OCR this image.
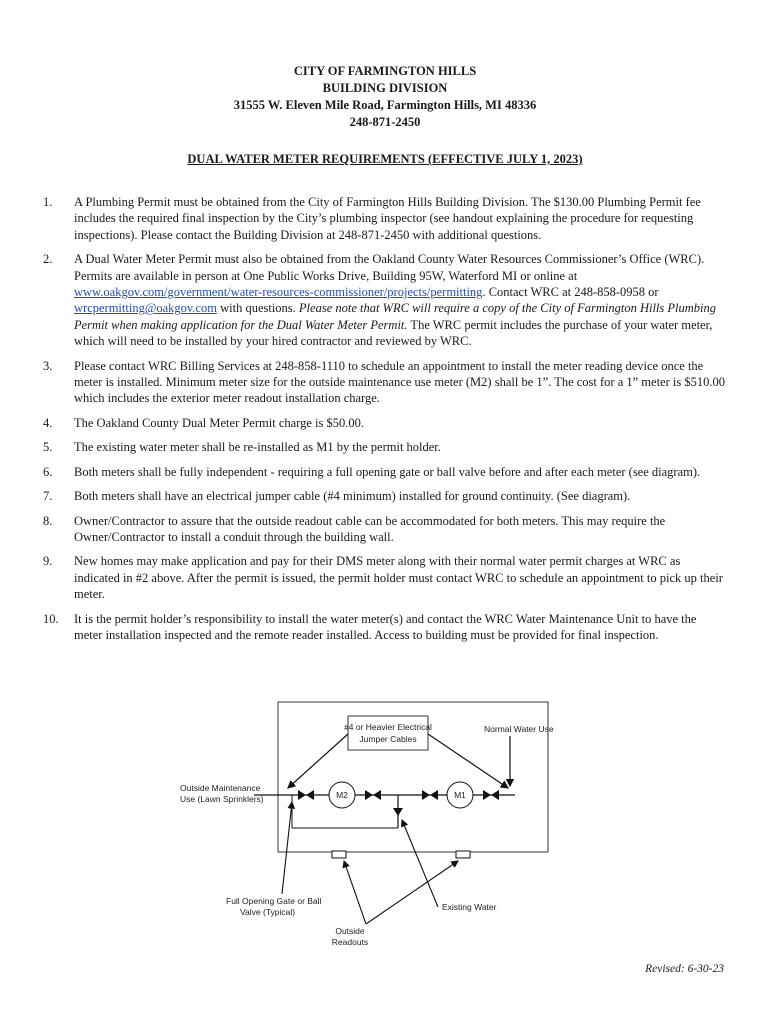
CITY OF FARMINGTON HILLS
BUILDING DIVISION
31555 W. Eleven Mile Road, Farmington Hills, MI 48336
248-871-2450
DUAL WATER METER REQUIREMENTS (EFFECTIVE JULY 1, 2023)
1. A Plumbing Permit must be obtained from the City of Farmington Hills Building Division. The $130.00 Plumbing Permit fee includes the required final inspection by the City’s plumbing inspector (see handout explaining the procedure for requesting inspections). Please contact the Building Division at 248-871-2450 with additional questions.
2. A Dual Water Meter Permit must also be obtained from the Oakland County Water Resources Commissioner’s Office (WRC). Permits are available in person at One Public Works Drive, Building 95W, Waterford MI or online at www.oakgov.com/government/water-resources-commissioner/projects/permitting. Contact WRC at 248-858-0958 or wrcpermitting@oakgov.com with questions. Please note that WRC will require a copy of the City of Farmington Hills Plumbing Permit when making application for the Dual Water Meter Permit. The WRC permit includes the purchase of your water meter, which will need to be installed by your hired contractor and reviewed by WRC.
3. Please contact WRC Billing Services at 248-858-1110 to schedule an appointment to install the meter reading device once the meter is installed. Minimum meter size for the outside maintenance use meter (M2) shall be 1”. The cost for a 1” meter is $510.00 which includes the exterior meter readout installation charge.
4. The Oakland County Dual Meter Permit charge is $50.00.
5. The existing water meter shall be re-installed as M1 by the permit holder.
6. Both meters shall be fully independent - requiring a full opening gate or ball valve before and after each meter (see diagram).
7. Both meters shall have an electrical jumper cable (#4 minimum) installed for ground continuity. (See diagram).
8. Owner/Contractor to assure that the outside readout cable can be accommodated for both meters. This may require the Owner/Contractor to install a conduit through the building wall.
9. New homes may make application and pay for their DMS meter along with their normal water permit charges at WRC as indicated in #2 above. After the permit is issued, the permit holder must contact WRC to schedule an appointment to pick up their meter.
10. It is the permit holder’s responsibility to install the water meter(s) and contact the WRC Water Maintenance Unit to have the meter installation inspected and the remote reader installed. Access to building must be provided for final inspection.
#4 or Heavier Electrical
Jumper Cables
Normal Water Use
Outside Maintenance
Use (Lawn Sprinklers)	M2	M1
Full Opening Gate or Ball
Valve (Typical)	Existing Water
Outside
Readouts
Revised: 6-30-23
